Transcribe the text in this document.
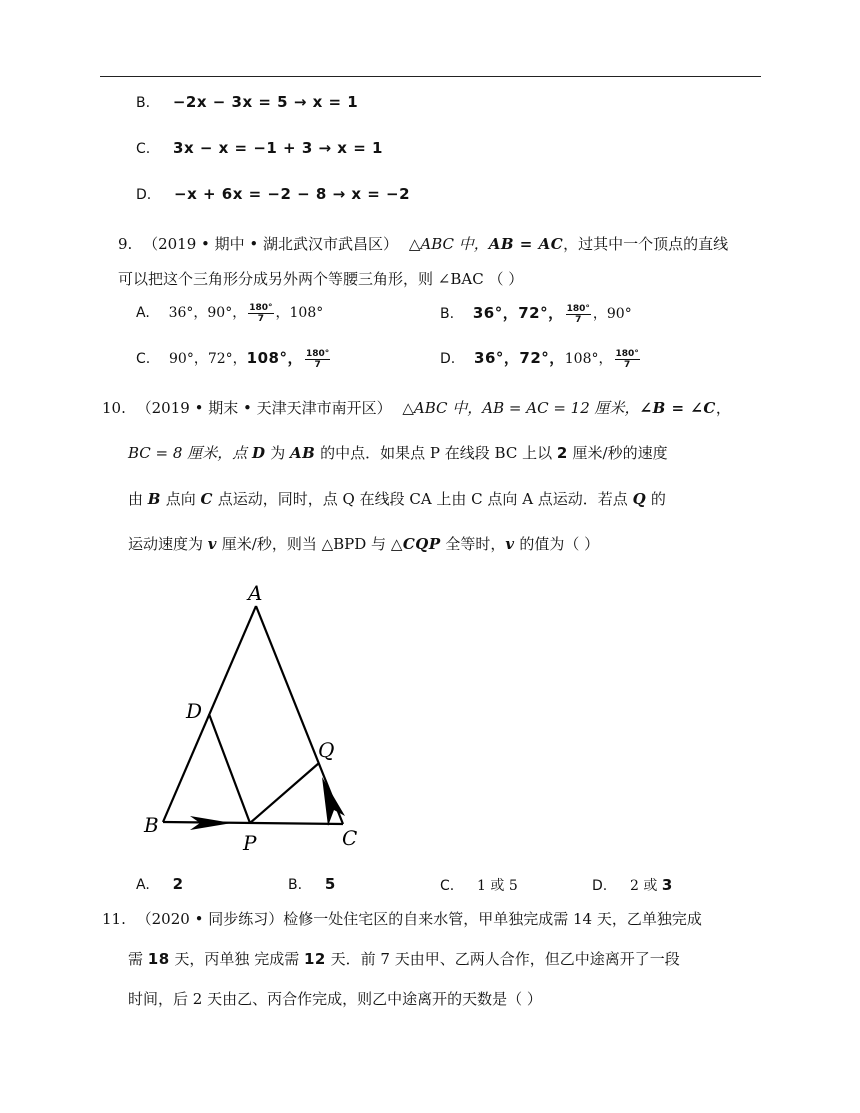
B. −2x − 3x = 5 → x = 1
C. 3x − x = −1 + 3 → x = 1
D. −x + 6x = −2 − 8 → x = −2
9. （2019 • 期中 • 湖北武汉市武昌区） △ABC 中，AB = AC，过其中一个顶点的直线
可以把这个三角形分成另外两个等腰三角形，则 ∠BAC （ ）
A. 36°，90°， $\frac{180^\circ}{7}$ ，108°	B. 36°，72°， $\frac{180^\circ}{7}$ ，90°
C. 90°，72°，108°， $\frac{180^\circ}{7}$	D. 36°，72°，108°， $\frac{180^\circ}{7}$
10. （2019 • 期末 • 天津天津市南开区） △ABC 中，AB = AC = 12 厘米，∠B = ∠C，
BC = 8 厘米，点 D 为 AB 的中点．如果点 P 在线段 BC 上以 2 厘米/秒的速度
由 B 点向 C 点运动，同时，点 Q 在线段 CA 上由 C 点向 A 点运动．若点 Q 的
运动速度为 v 厘米/秒，则当 △BPD 与 △CQP 全等时，v 的值为（ ）
A
D
Q
B
P	C
A. 2	B. 5	C. 1 或 5	D. 2 或 3
11. （2020 • 同步练习）检修一处住宅区的自来水管，甲单独完成需 14 天，乙单独完成
需 18 天，丙单独 完成需 12 天．前 7 天由甲、乙两人合作，但乙中途离开了一段
时间，后 2 天由乙、丙合作完成，则乙中途离开的天数是（ ）
